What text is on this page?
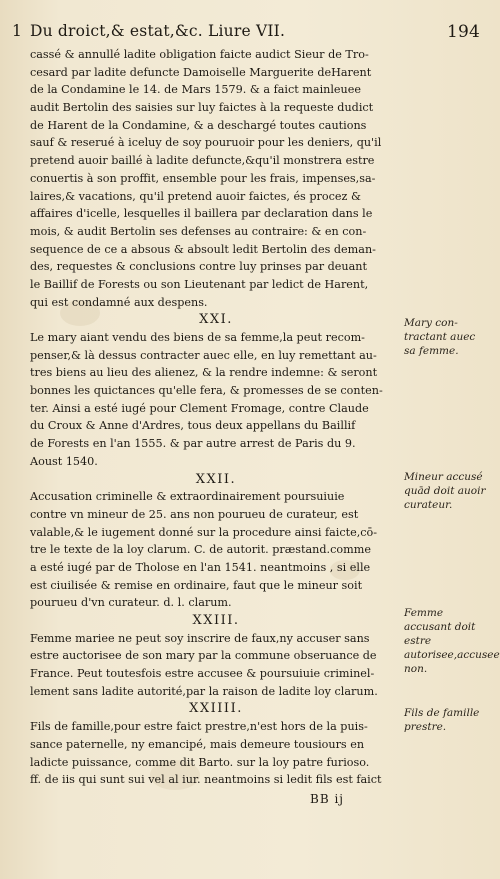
1 Du droict,& estat,&c. Liure VII.	194
cassé & annullé ladite obligation faicte audict Sieur de Tro-
cesard par ladite defuncte Damoiselle Marguerite deHarent
de la Condamine le 14. de Mars 1579. & a faict mainleuee
audit Bertolin des saisies sur luy faictes à la requeste dudict
de Harent de la Condamine, & a deschargé toutes cautions
sauf & reserué à iceluy de soy pouruoir pour les deniers, qu'il
pretend auoir baillé à ladite defuncte,&qu'il monstrera estre
conuertis à son proffit, ensemble pour les frais, impenses,sa-
laires,& vacations, qu'il pretend auoir faictes, és procez &
affaires d'icelle, lesquelles il baillera par declaration dans le
mois, & audit Bertolin ses defenses au contraire: & en con-
sequence de ce a absous & absoult ledit Bertolin des deman-
des, requestes & conclusions contre luy prinses par deuant
le Baillif de Forests ou son Lieutenant par ledict de Harent,
qui est condamné aux despens.
XXI.
Le mary aiant vendu des biens de sa femme,la peut recom-
penser,& là dessus contracter auec elle, en luy remettant au-
tres biens au lieu des alienez, & la rendre indemne: & seront
bonnes les quictances qu'elle fera, & promesses de se conten-
ter. Ainsi a esté iugé pour Clement Fromage, contre Claude
du Croux & Anne d'Ardres, tous deux appellans du Baillif
de Forests en l'an 1555. & par autre arrest de Paris du 9.
Aoust 1540.
XXII.
Accusation criminelle & extraordinairement poursuiuie
contre vn mineur de 25. ans non pourueu de curateur, est
valable,& le iugement donné sur la procedure ainsi faicte,cō-
tre le texte de la loy clarum. C. de autorit. præstand.comme
a esté iugé par de Tholose en l'an 1541. neantmoins , si elle
est ciuilisée & remise en ordinaire, faut que le mineur soit
pourueu d'vn curateur. d. l. clarum.
XXIII.
Femme mariee ne peut soy inscrire de faux,ny accuser sans
estre auctorisee de son mary par la commune obseruance de
France. Peut toutesfois estre accusee & poursuiuie criminel-
lement sans ladite autorité,par la raison de ladite loy clarum.
XXIIII.
Fils de famille,pour estre faict prestre,n'est hors de la puis-
sance paternelle, ny emancipé, mais demeure tousiours en
ladicte puissance, comme dit Barto. sur la loy patre furioso.
ff. de iis qui sunt sui vel al iur. neantmoins si ledit fils est faict
Mary con-tractant auec sa femme.
Mineur accusé quād doit auoir curateur.
Femme accusant doit estre autorisee,accusee non.
Fils de famille prestre.
BB ij
